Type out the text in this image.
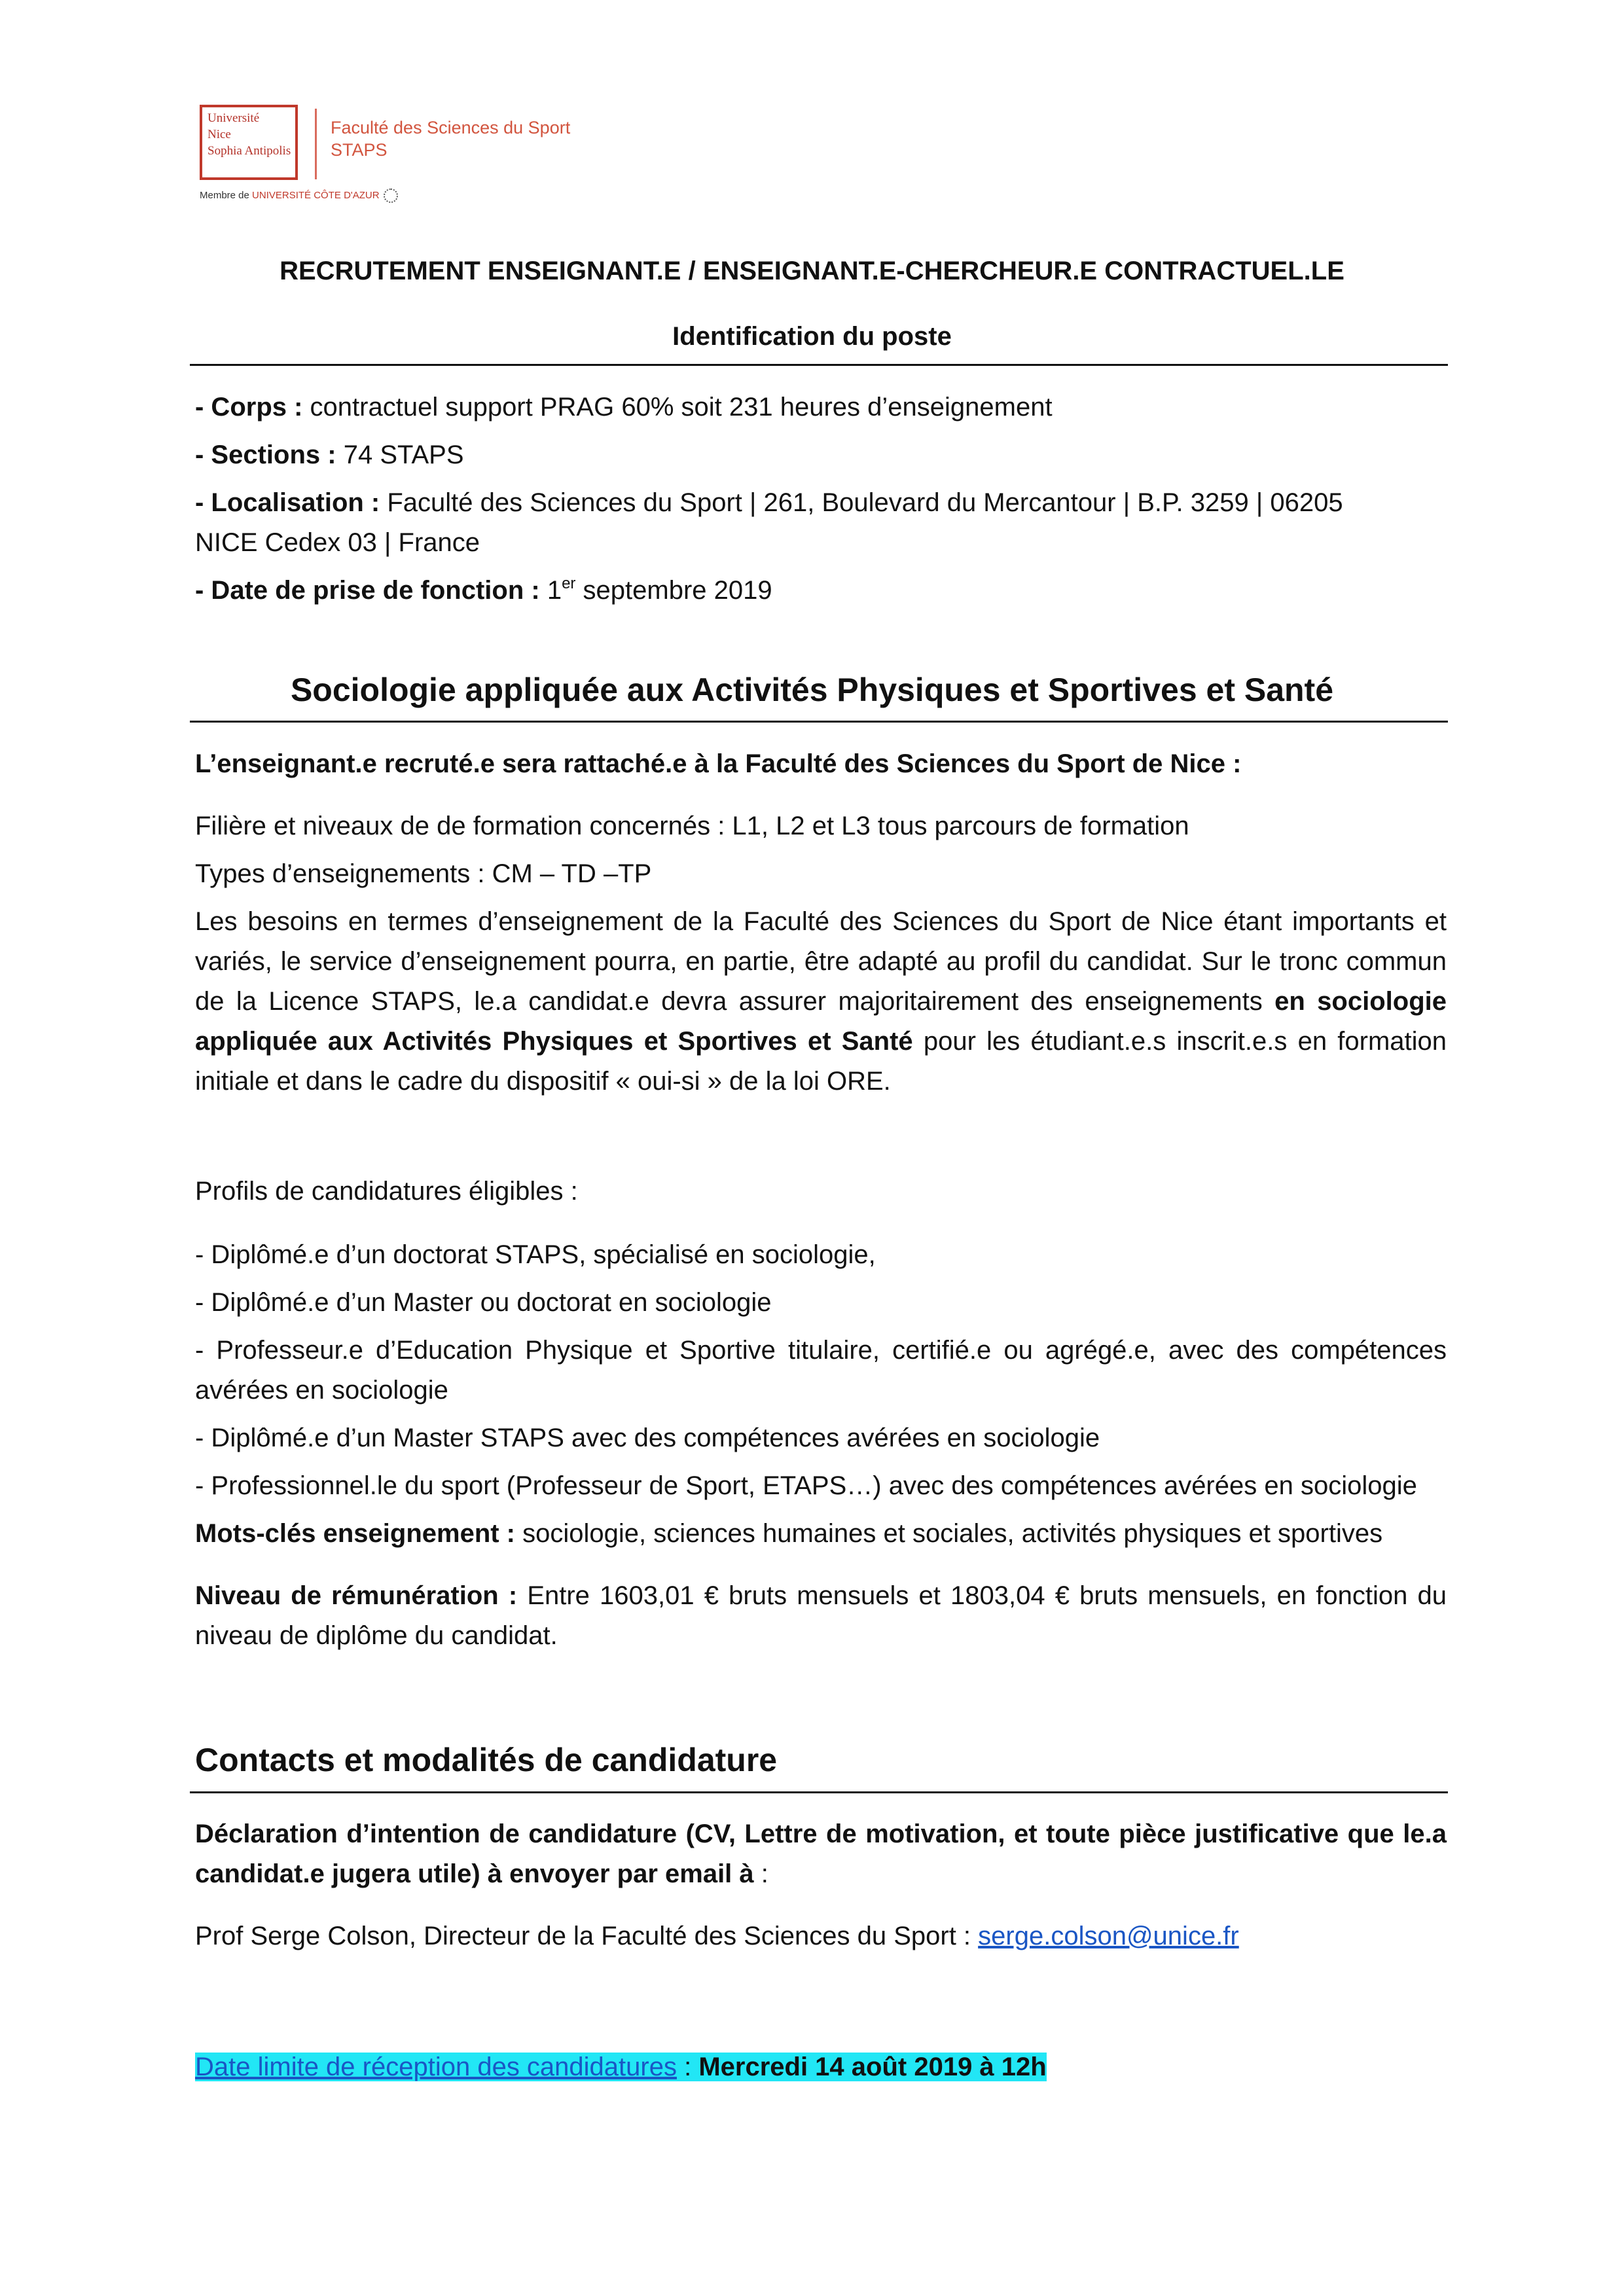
Université
Nice
Sophia Antipolis
Faculté des Sciences du Sport
STAPS
Membre de UNIVERSITÉ CÔTE D'AZUR
RECRUTEMENT ENSEIGNANT.E / ENSEIGNANT.E-CHERCHEUR.E CONTRACTUEL.LE
Identification du poste
- Corps : contractuel support PRAG 60% soit 231 heures d’enseignement
- Sections : 74 STAPS
- Localisation : Faculté des Sciences du Sport | 261, Boulevard du Mercantour | B.P. 3259 | 06205
NICE Cedex 03 | France
- Date de prise de fonction : 1er septembre 2019
Sociologie appliquée aux Activités Physiques et Sportives et Santé
L’enseignant.e recruté.e sera rattaché.e à la Faculté des Sciences du Sport de Nice :
Filière et niveaux de de formation concernés : L1, L2 et L3 tous parcours de formation
Types d’enseignements : CM – TD –TP
Les besoins en termes d’enseignement de la Faculté des Sciences du Sport de Nice étant importants et variés, le service d’enseignement pourra, en partie, être adapté au profil du candidat. Sur le tronc commun de la Licence STAPS, le.a candidat.e devra assurer majoritairement des enseignements en sociologie appliquée aux Activités Physiques et Sportives et Santé pour les étudiant.e.s inscrit.e.s en formation initiale et dans le cadre du dispositif « oui-si » de la loi ORE.
Profils de candidatures éligibles :
- Diplômé.e d’un doctorat STAPS, spécialisé en sociologie,
- Diplômé.e d’un Master ou doctorat en sociologie
- Professeur.e d’Education Physique et Sportive titulaire, certifié.e ou agrégé.e, avec des compétences avérées en sociologie
- Diplômé.e d’un Master STAPS avec des compétences avérées en sociologie
- Professionnel.le du sport (Professeur de Sport, ETAPS…) avec des compétences avérées en sociologie
Mots-clés enseignement : sociologie, sciences humaines et sociales, activités physiques et sportives
Niveau de rémunération : Entre 1603,01 € bruts mensuels et 1803,04 € bruts mensuels, en fonction du niveau de diplôme du candidat.
Contacts et modalités de candidature
Déclaration d’intention de candidature (CV, Lettre de motivation, et toute pièce justificative que le.a candidat.e jugera utile) à envoyer par email à :
Prof Serge Colson, Directeur de la Faculté des Sciences du Sport : serge.colson@unice.fr
Date limite de réception des candidatures : Mercredi 14 août 2019 à 12h
